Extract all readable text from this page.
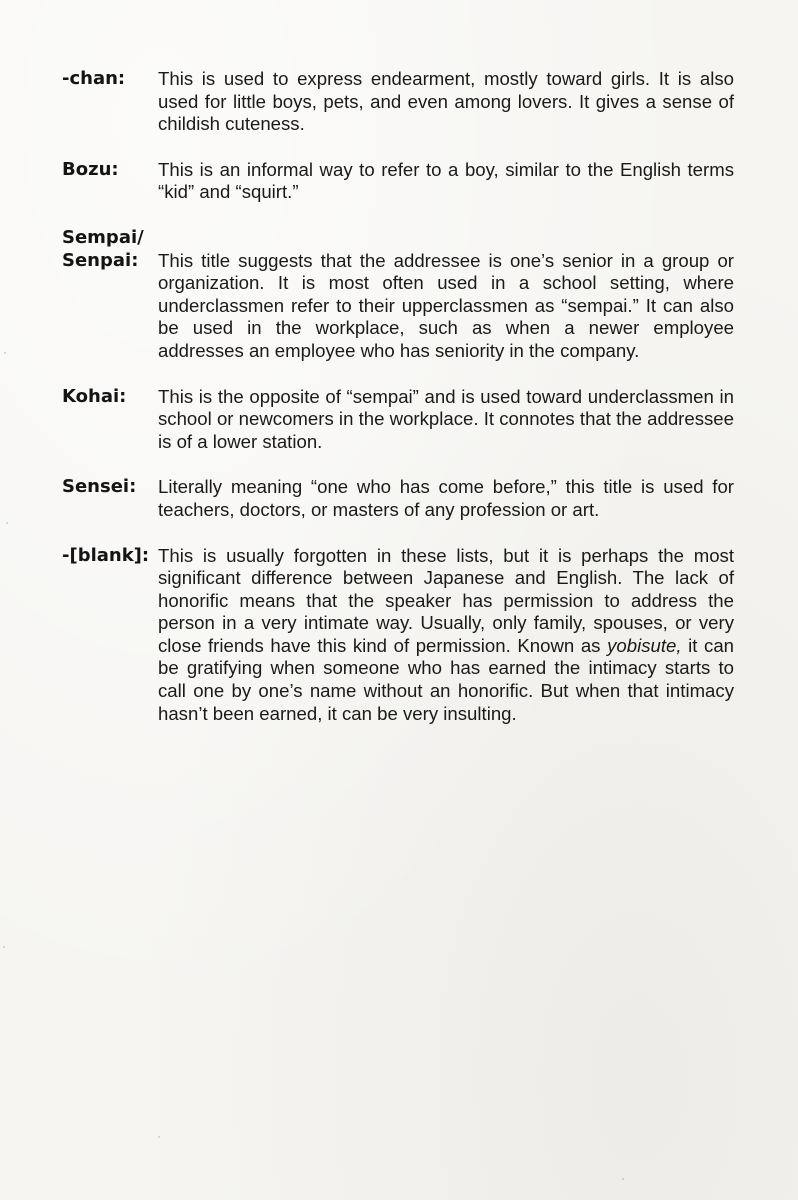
-chan:	This is used to express endearment, mostly toward girls. It is also used for little boys, pets, and even among lovers. It gives a sense of childish cuteness.
Bozu:	This is an informal way to refer to a boy, similar to the English terms “kid” and “squirt.”
Sempai/
Senpai:	This title suggests that the addressee is one’s senior in a group or organization. It is most often used in a school setting, where underclassmen refer to their upperclassmen as “sempai.” It can also be used in the workplace, such as when a newer employee addresses an employee who has seniority in the company.
Kohai:	This is the opposite of “sempai” and is used toward underclassmen in school or newcomers in the workplace. It connotes that the addressee is of a lower station.
Sensei:	Literally meaning “one who has come before,” this title is used for teachers, doctors, or masters of any profession or art.
-[blank]: This is usually forgotten in these lists, but it is perhaps the most significant difference between Japanese and English. The lack of honorific means that the speaker has permission to address the person in a very intimate way. Usually, only family, spouses, or very close friends have this kind of permission. Known as yobisute, it can be gratifying when someone who has earned the intimacy starts to call one by one’s name without an honorific. But when that intimacy hasn’t been earned, it can be very insulting.
